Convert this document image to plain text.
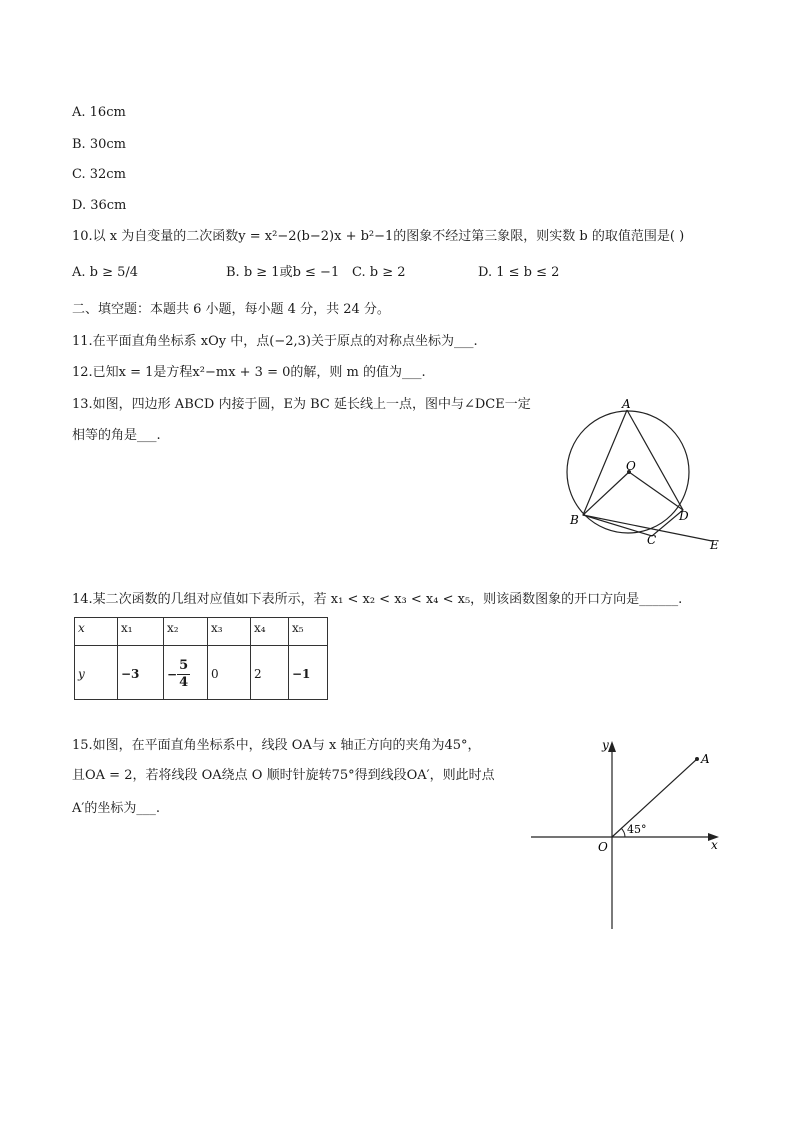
A. 16cm
B. 30cm
C. 32cm
D. 36cm
10.以 x 为自变量的二次函数y = x²−2(b−2)x + b²−1的图象不经过第三象限，则实数 b 的取值范围是( )
A. b ≥ 5/4	B. b ≥ 1或b ≤ −1 C. b ≥ 2	D. 1 ≤ b ≤ 2
二、填空题：本题共 6 小题，每小题 4 分，共 24 分。
11.在平面直角坐标系 xOy 中，点(−2,3)关于原点的对称点坐标为___.
12.已知x = 1是方程x²−mx + 3 = 0的解，则 m 的值为___.
13.如图，四边形 ABCD 内接于圆，E为 BC 延长线上一点，图中与∠DCE一定
相等的角是___.
A
O
B	D
C	E
14.某二次函数的几组对应值如下表所示，若 x₁ < x₂ < x₃ < x₄ < x₅，则该函数图象的开口方向是______.
x	x₁	x₂	x₃	x₄	x₅
y	−3	− $\frac{5}{4}$	0	2	−1
15.如图，在平面直角坐标系中，线段 OA与 x 轴正方向的夹角为45°，
且OA = 2，若将线段 OA绕点 O 顺时针旋转75°得到线段OA′，则此时点
A′的坐标为___.
y
x
O
A
45°
